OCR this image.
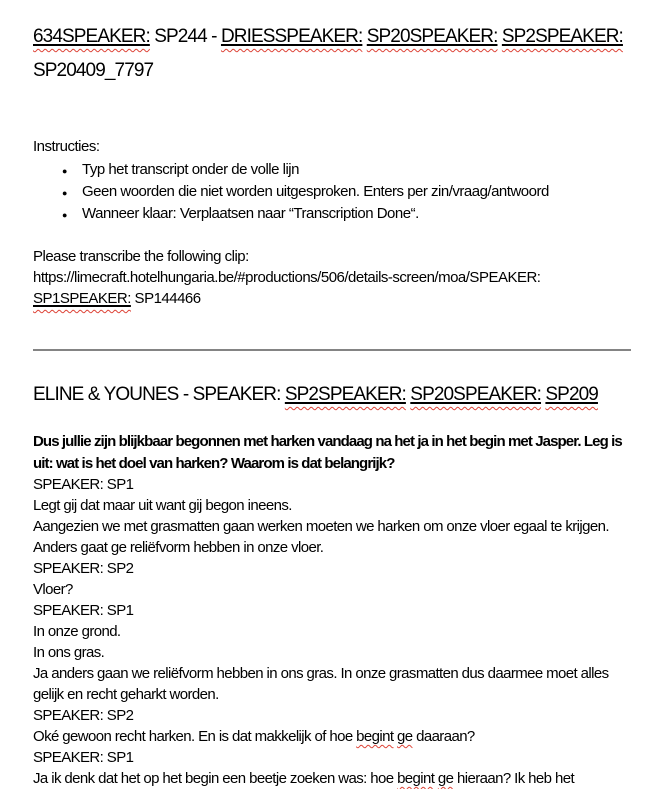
634SPEAKER: SP244 - DRIESSPEAKER: SP20SPEAKER: SP2SPEAKER:
SP20409_7797

Instructies:

● Typ het transcript onder de volle lijn
● Geen woorden die niet worden uitgesproken. Enters per zin/vraag/antwoord
● Wanneer klaar: Verplaatsen naar “Transcription Done“.
Please transcribe the following clip:
https://limecraft.hotelhungaria.be/#productions/506/details-screen/moa/SPEAKER:
SP1SPEAKER: SP144466
ELINE & YOUNES - SPEAKER: SP2SPEAKER: SP20SPEAKER: SP209

Dus jullie zijn blijkbaar begonnen met harken vandaag na het ja in het begin met Jasper. Leg is uit: wat is het doel van harken? Waarom is dat belangrijk?

SPEAKER: SP1
Legt gij dat maar uit want gij begon ineens.
Aangezien we met grasmatten gaan werken moeten we harken om onze vloer egaal te krijgen. Anders gaat ge reliëfvorm hebben in onze vloer.
SPEAKER: SP2
Vloer?
SPEAKER: SP1
In onze grond.
In ons gras.
Ja anders gaan we reliëfvorm hebben in ons gras. In onze grasmatten dus daarmee moet alles gelijk en recht geharkt worden.
SPEAKER: SP2
Oké gewoon recht harken. En is dat makkelijk of hoe begint ge daaraan?
SPEAKER: SP1
Ja ik denk dat het op het begin een beetje zoeken was: hoe begint ge hieraan? Ik heb het
